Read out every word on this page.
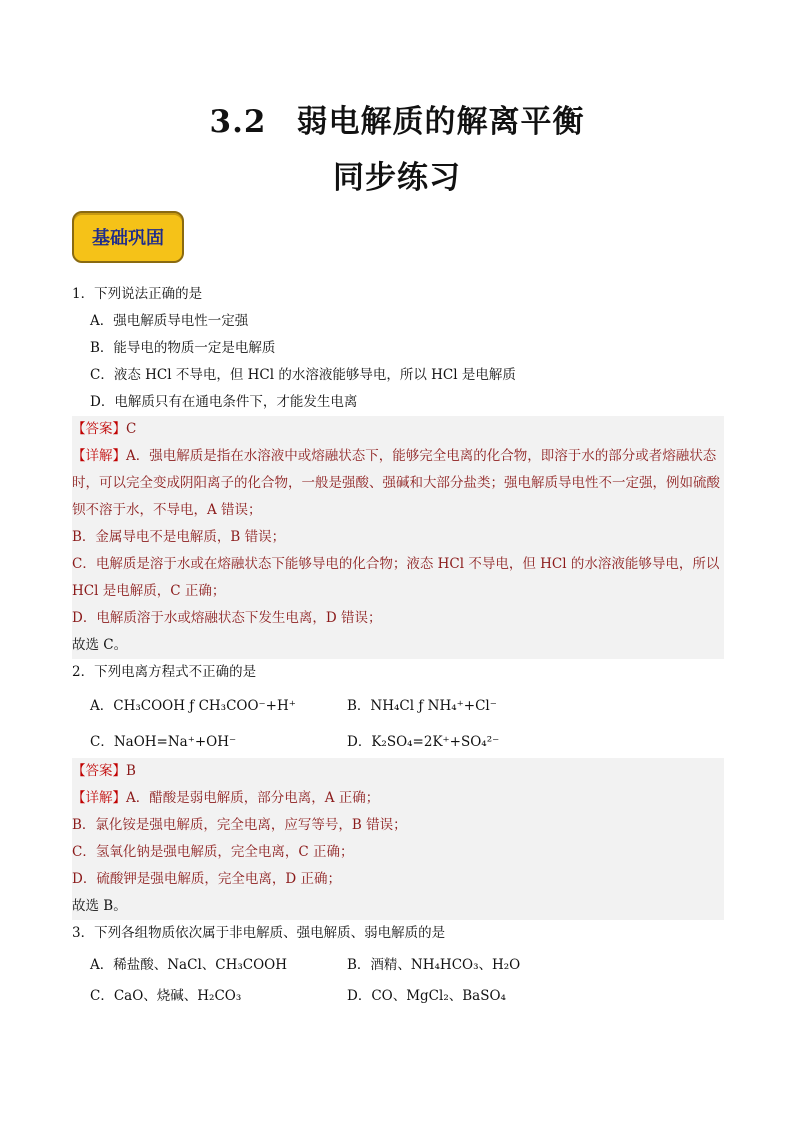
3.2 弱电解质的解离平衡
同步练习
基础巩固
1．下列说法正确的是
A．强电解质导电性一定强
B．能导电的物质一定是电解质
C．液态 HCl 不导电，但 HCl 的水溶液能够导电，所以 HCl 是电解质
D．电解质只有在通电条件下，才能发生电离
【答案】C
【详解】A．强电解质是指在水溶液中或熔融状态下，能够完全电离的化合物，即溶于水的部分或者熔融状态时，可以完全变成阴阳离子的化合物，一般是强酸、强碱和大部分盐类；强电解质导电性不一定强，例如硫酸钡不溶于水，不导电，A 错误；
B．金属导电不是电解质，B 错误；
C．电解质是溶于水或在熔融状态下能够导电的化合物；液态 HCl 不导电，但 HCl 的水溶液能够导电，所以 HCl 是电解质，C 正确；
D．电解质溶于水或熔融状态下发生电离，D 错误；
故选 C。
2．下列电离方程式不正确的是
A．CH₃COOH ƒ CH₃COO⁻+H⁺	B．NH₄Cl ƒ NH₄⁺+Cl⁻
C．NaOH=Na⁺+OH⁻	D．K₂SO₄=2K⁺+SO₄²⁻
【答案】B
【详解】A．醋酸是弱电解质，部分电离，A 正确；
B．氯化铵是强电解质，完全电离，应写等号，B 错误；
C．氢氧化钠是强电解质，完全电离，C 正确；
D．硫酸钾是强电解质，完全电离，D 正确；
故选 B。
3．下列各组物质依次属于非电解质、强电解质、弱电解质的是
A．稀盐酸、NaCl、CH₃COOH	B．酒精、NH₄HCO₃、H₂O
C．CaO、烧碱、H₂CO₃	D．CO、MgCl₂、BaSO₄
